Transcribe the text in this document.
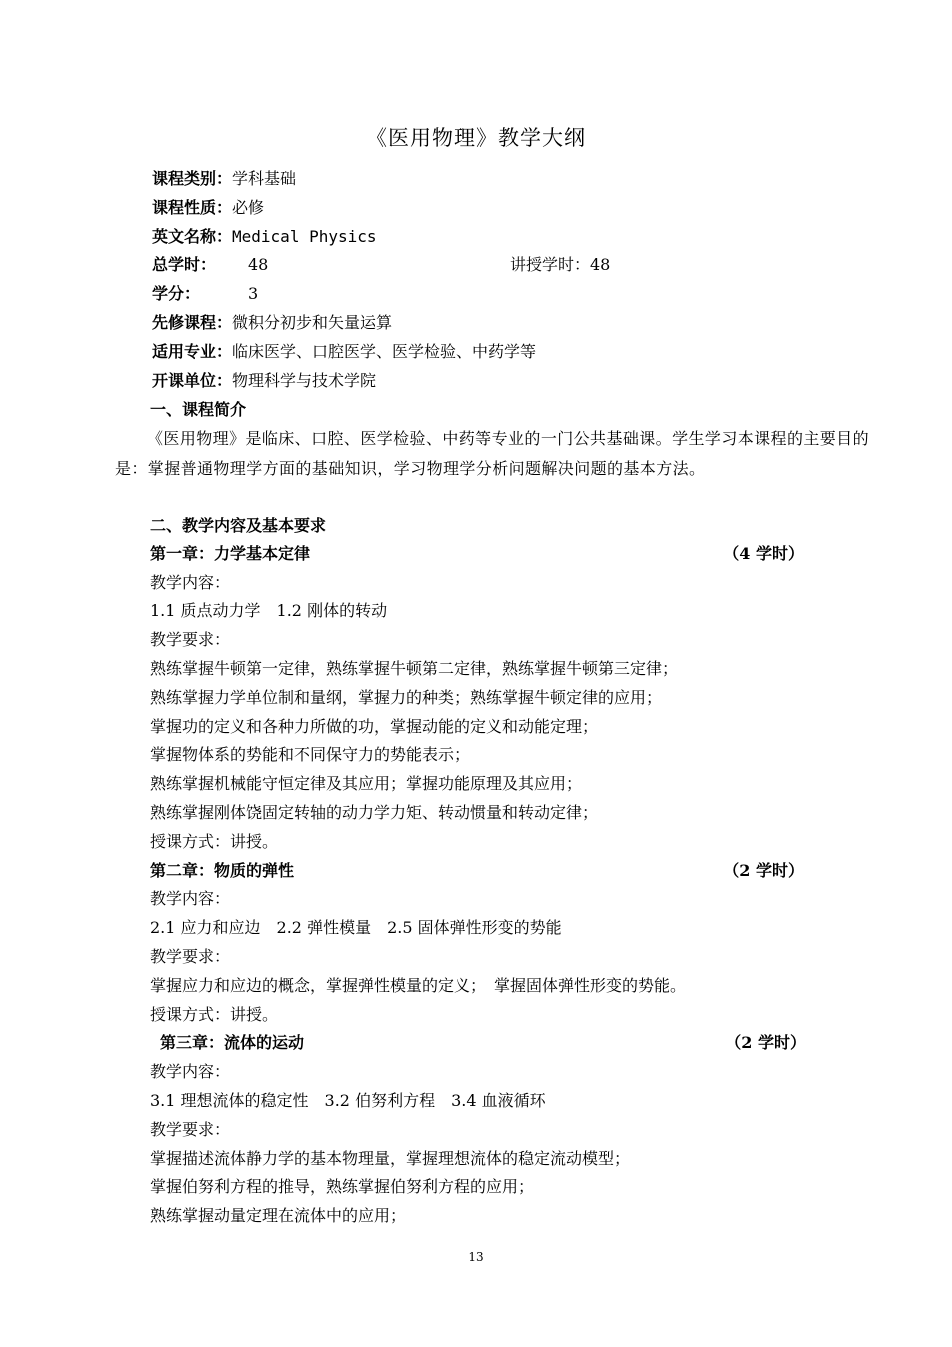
《医用物理》教学大纲
课程类别：学科基础
课程性质：必修
英文名称：Medical Physics
总学时： 48	讲授学时：48
学分：	3
先修课程：微积分初步和矢量运算
适用专业：临床医学、口腔医学、医学检验、中药学等
开课单位：物理科学与技术学院
一、课程简介
《医用物理》是临床、口腔、医学检验、中药等专业的一门公共基础课。学生学习本课程的主要目的是：掌握普通物理学方面的基础知识，学习物理学分析问题解决问题的基本方法。
二、教学内容及基本要求
第一章：力学基本定律	（4 学时）
教学内容：
1.1 质点动力学　1.2 刚体的转动
教学要求：
熟练掌握牛顿第一定律，熟练掌握牛顿第二定律，熟练掌握牛顿第三定律；
熟练掌握力学单位制和量纲，掌握力的种类；熟练掌握牛顿定律的应用；
掌握功的定义和各种力所做的功，掌握动能的定义和动能定理；
掌握物体系的势能和不同保守力的势能表示；
熟练掌握机械能守恒定律及其应用；掌握功能原理及其应用；
熟练掌握刚体饶固定转轴的动力学力矩、转动惯量和转动定律；
授课方式：讲授。
第二章：物质的弹性	（2 学时）
教学内容：
2.1 应力和应边　2.2 弹性模量　2.5 固体弹性形变的势能
教学要求：
掌握应力和应边的概念，掌握弹性模量的定义；　掌握固体弹性形变的势能。
授课方式：讲授。
第三章：流体的运动	（2 学时）
教学内容：
3.1 理想流体的稳定性　3.2 伯努利方程　3.4 血液循环
教学要求：
掌握描述流体静力学的基本物理量，掌握理想流体的稳定流动模型；
掌握伯努利方程的推导，熟练掌握伯努利方程的应用；
熟练掌握动量定理在流体中的应用；
13
